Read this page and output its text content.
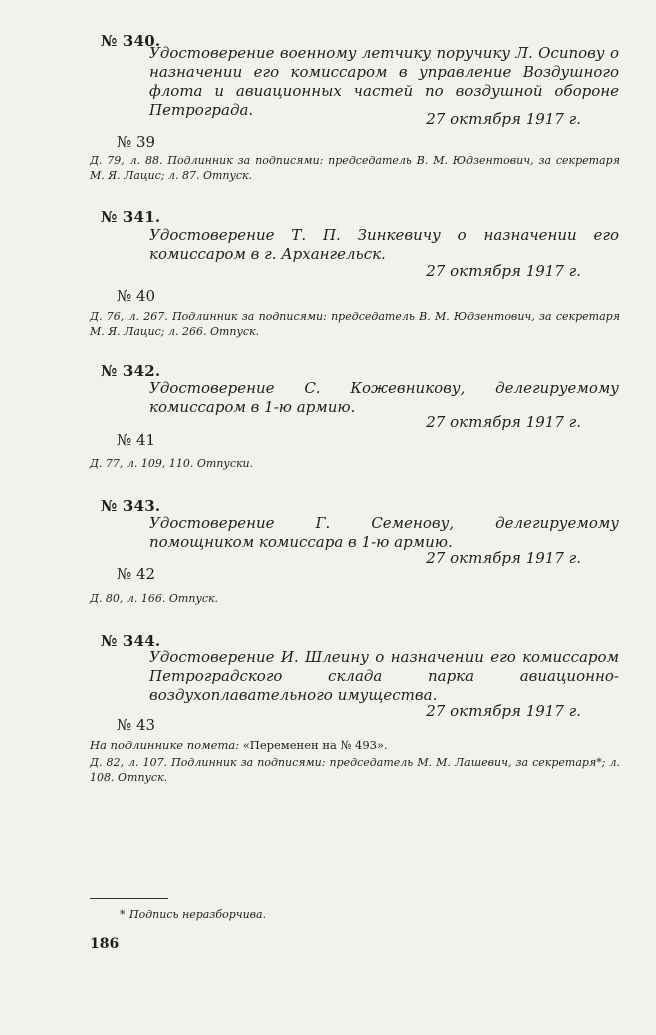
№ 340.
Удостоверение военному летчику поручику Л. Осипову о назначении его комиссаром в управление Воздушного флота и авиационных частей по воздушной обороне Петрограда.	27 октября 1917 г.
№ 39
Д. 79, л. 88. Подлинник за подписями: председатель В. М. Юдзентович, за секретаря М. Я. Лацис; л. 87. Отпуск.
№ 341.
Удостоверение Т. П. Зинкевичу о назначении его комиссаром в г. Архангельск.
27 октября 1917 г.
№ 40
Д. 76, л. 267. Подлинник за подписями: председатель В. М. Юдзентович, за секретаря М. Я. Лацис; л. 266. Отпуск.
№ 342.
Удостоверение С. Кожевникову, делегируемому комиссаром в 1-ю армию.
27 октября 1917 г.
№ 41
Д. 77, л. 109, 110. Отпуски.
№ 343.
Удостоверение Г. Семенову, делегируемому помощником комиссара в 1-ю армию.
27 октября 1917 г.
№ 42
Д. 80, л. 166. Отпуск.
№ 344.
Удостоверение И. Шлеину о назначении его комиссаром Петроградского склада парка авиационно-воздухоплавательного имущества.
27 октября 1917 г.
№ 43
На подлиннике помета: «Переменен на № 493».
Д. 82, л. 107. Подлинник за подписями: председатель М. М. Лашевич, за секретаря*; л. 108. Отпуск.
* Подпись неразборчива.
186
